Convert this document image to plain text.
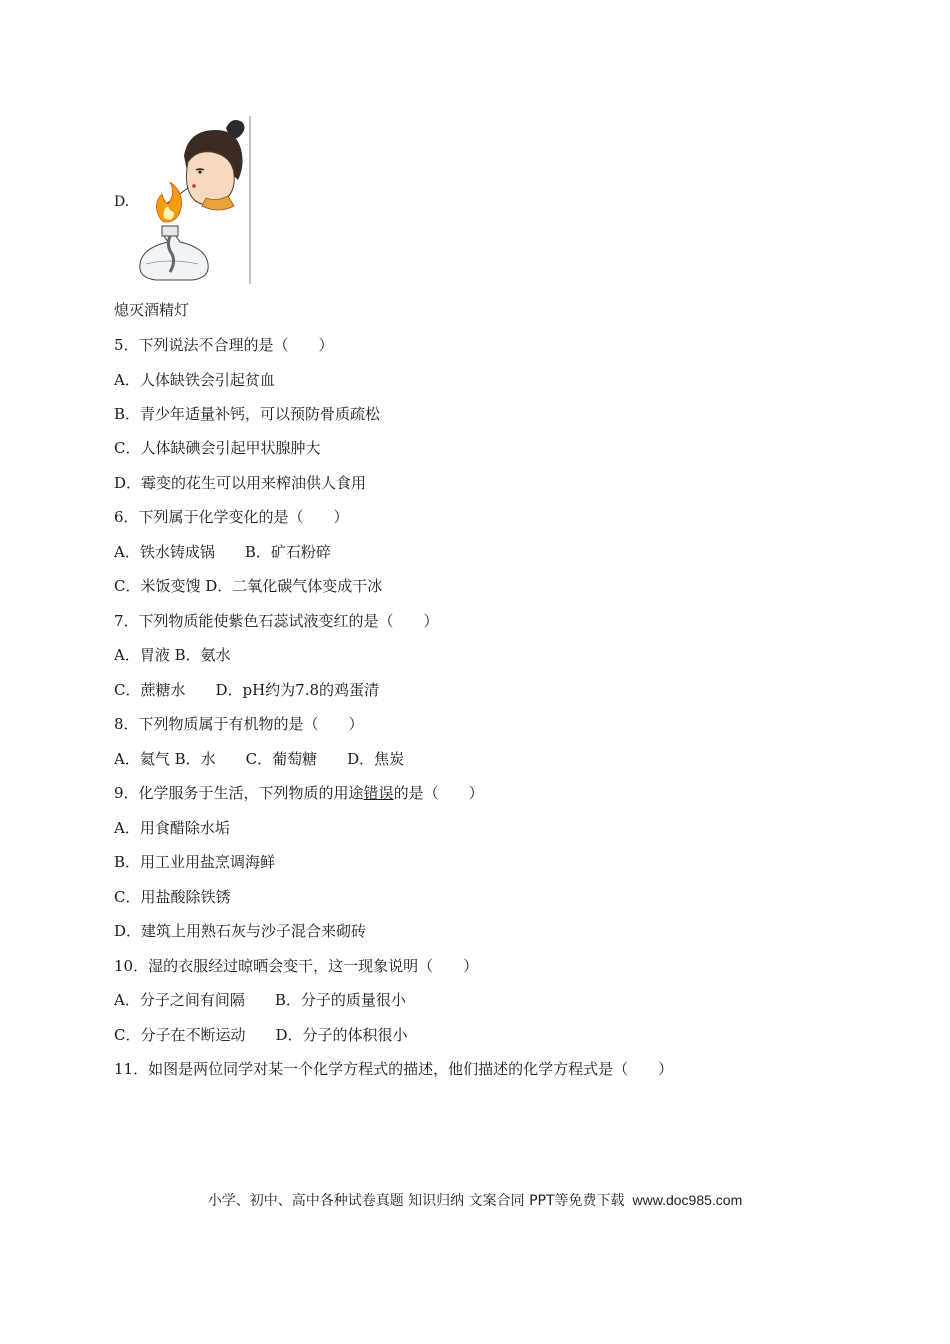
D.
熄灭酒精灯
5．下列说法不合理的是（　　）
A．人体缺铁会引起贫血
B．青少年适量补钙，可以预防骨质疏松
C．人体缺碘会引起甲状腺肿大
D．霉变的花生可以用来榨油供人食用
6．下列属于化学变化的是（　　）
A．铁水铸成锅　　B．矿石粉碎
C．米饭变馊 D．二氧化碳气体变成干冰
7．下列物质能使紫色石蕊试液变红的是（　　）
A．胃液 B．氨水
C．蔗糖水　　D．pH约为7.8的鸡蛋清
8．下列物质属于有机物的是（　　）
A．氦气 B．水　　C．葡萄糖　　D．焦炭
9．化学服务于生活，下列物质的用途错误的是（　　）
A．用食醋除水垢
B．用工业用盐烹调海鲜
C．用盐酸除铁锈
D．建筑上用熟石灰与沙子混合来砌砖
10．湿的衣服经过晾晒会变干，这一现象说明（　　）
A．分子之间有间隔　　B．分子的质量很小
C．分子在不断运动　　D．分子的体积很小
11．如图是两位同学对某一个化学方程式的描述，他们描述的化学方程式是（　　）
小学、初中、高中各种试卷真题 知识归纳 文案合同 PPT等免费下载 www.doc985.com
